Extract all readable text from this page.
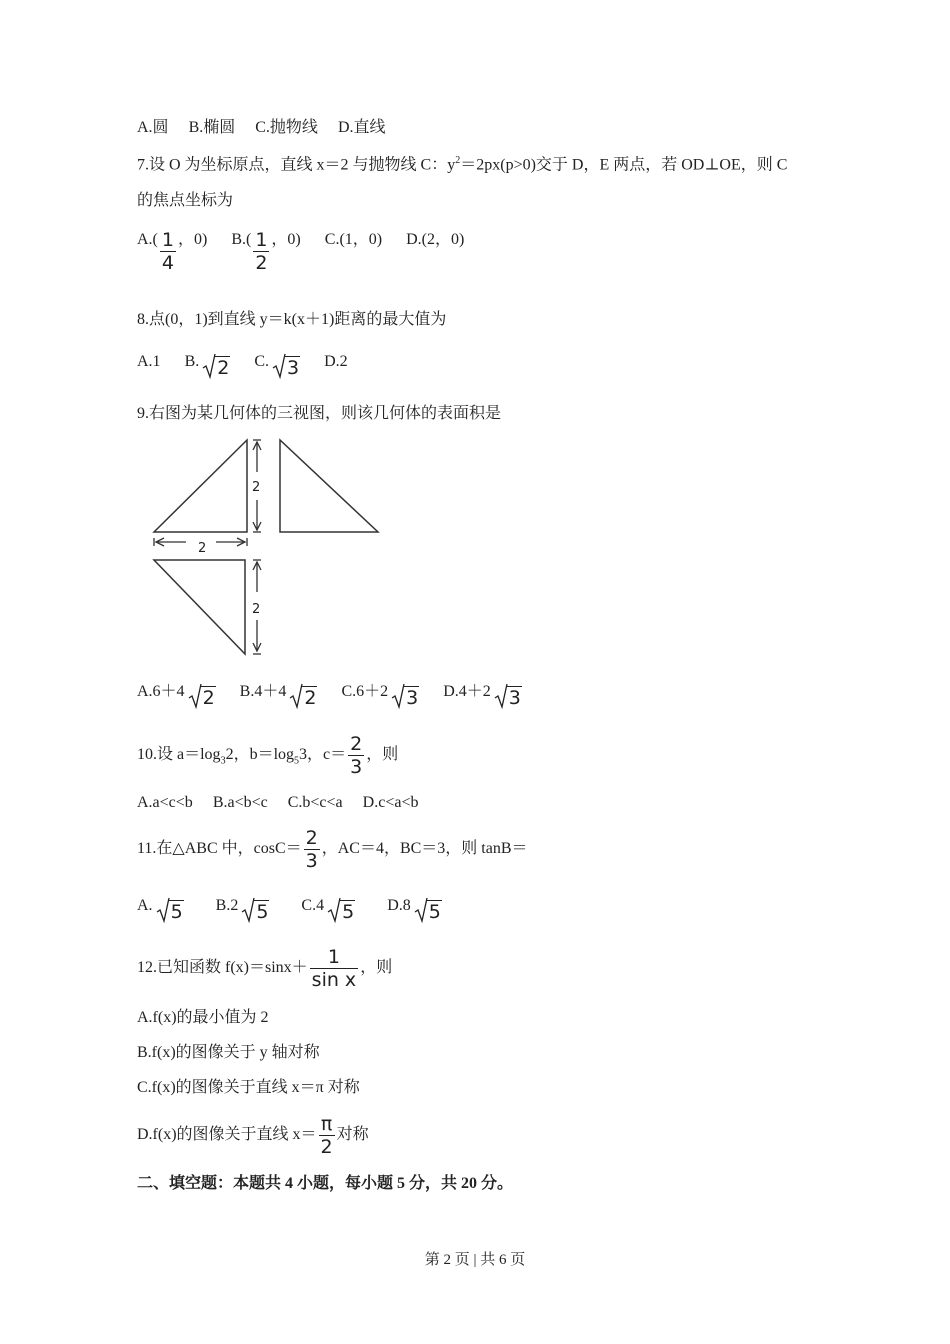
A.圆 B.椭圆 C.抛物线 D.直线
7.设 O 为坐标原点，直线 x＝2 与抛物线 C：$y^2=2px(p>0)$交于 D，E 两点，若 OD⊥OE，则 C
的焦点坐标为
$A.( \frac{1}{4}$ ，0) $B.( \frac{1}{2}$ ，0) C.(1，0) D.(2，0)
8.点(0，1)到直线 y＝k(x＋1)距离的最大值为
A.1 B. 2 C. 3 D.2
9.右图为某几何体的三视图，则该几何体的表面积是
2
2
2
A.6＋4 2 B.4＋4 2 C.6＋2 3 D.4＋2 3
10.设 $a=\log_32$，$b=\log_53$，$c= \frac{2}{3}$ ，则
A.a<c<b B.a<b<c C.b<c<a D.c<a<b
11.在△ABC 中，$\cos C= \frac{2}{3}$ ，AC＝4，BC＝3，则 tanB＝
A. 5 B.2 5 C.4 5 D.8 5
12.已知函数 $f(x)=\sin x+ \frac{1}{\text{sin x}}$ ，则
A.f(x)的最小值为 2
B.f(x)的图像关于 y 轴对称
C.f(x)的图像关于直线 x＝π 对称
D.f(x)的图像关于直线 $x= \frac{\pi}{2}$ 对称
二、填空题：本题共 4 小题，每小题 5 分，共 20 分。
第 2 页 | 共 6 页
